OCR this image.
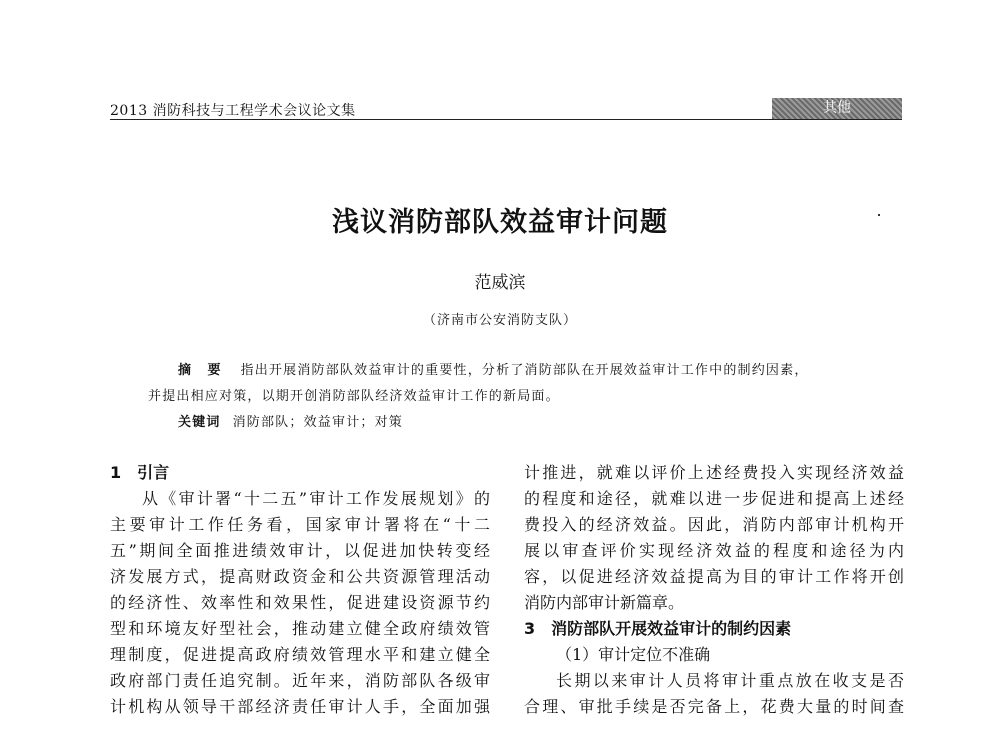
2013 消防科技与工程学术会议论文集	其他
浅议消防部队效益审计问题
范威滨
（济南市公安消防支队）
摘 要 指出开展消防部队效益审计的重要性，分析了消防部队在开展效益审计工作中的制约因素，
并提出相应对策，以期开创消防部队经济效益审计工作的新局面。
关键词 消防部队；效益审计；对策
1 引言
从《审计署“十二五”审计工作发展规划》的
主要审计工作任务看，国家审计署将在“十二
五”期间全面推进绩效审计，以促进加快转变经
济发展方式，提高财政资金和公共资源管理活动
的经济性、效率性和效果性，促进建设资源节约
型和环境友好型社会，推动建立健全政府绩效管
理制度，促进提高政府绩效管理水平和建立健全
政府部门责任追究制。近年来，消防部队各级审
计机构从领导干部经济责任审计人手，全面加强
计推进，就难以评价上述经费投入实现经济效益
的程度和途径，就难以进一步促进和提高上述经
费投入的经济效益。因此，消防内部审计机构开
展以审查评价实现经济效益的程度和途径为内
容，以促进经济效益提高为目的审计工作将开创
消防内部审计新篇章。
3 消防部队开展效益审计的制约因素
（1）审计定位不准确
长期以来审计人员将审计重点放在收支是否
合理、审批手续是否完备上，花费大量的时间查
